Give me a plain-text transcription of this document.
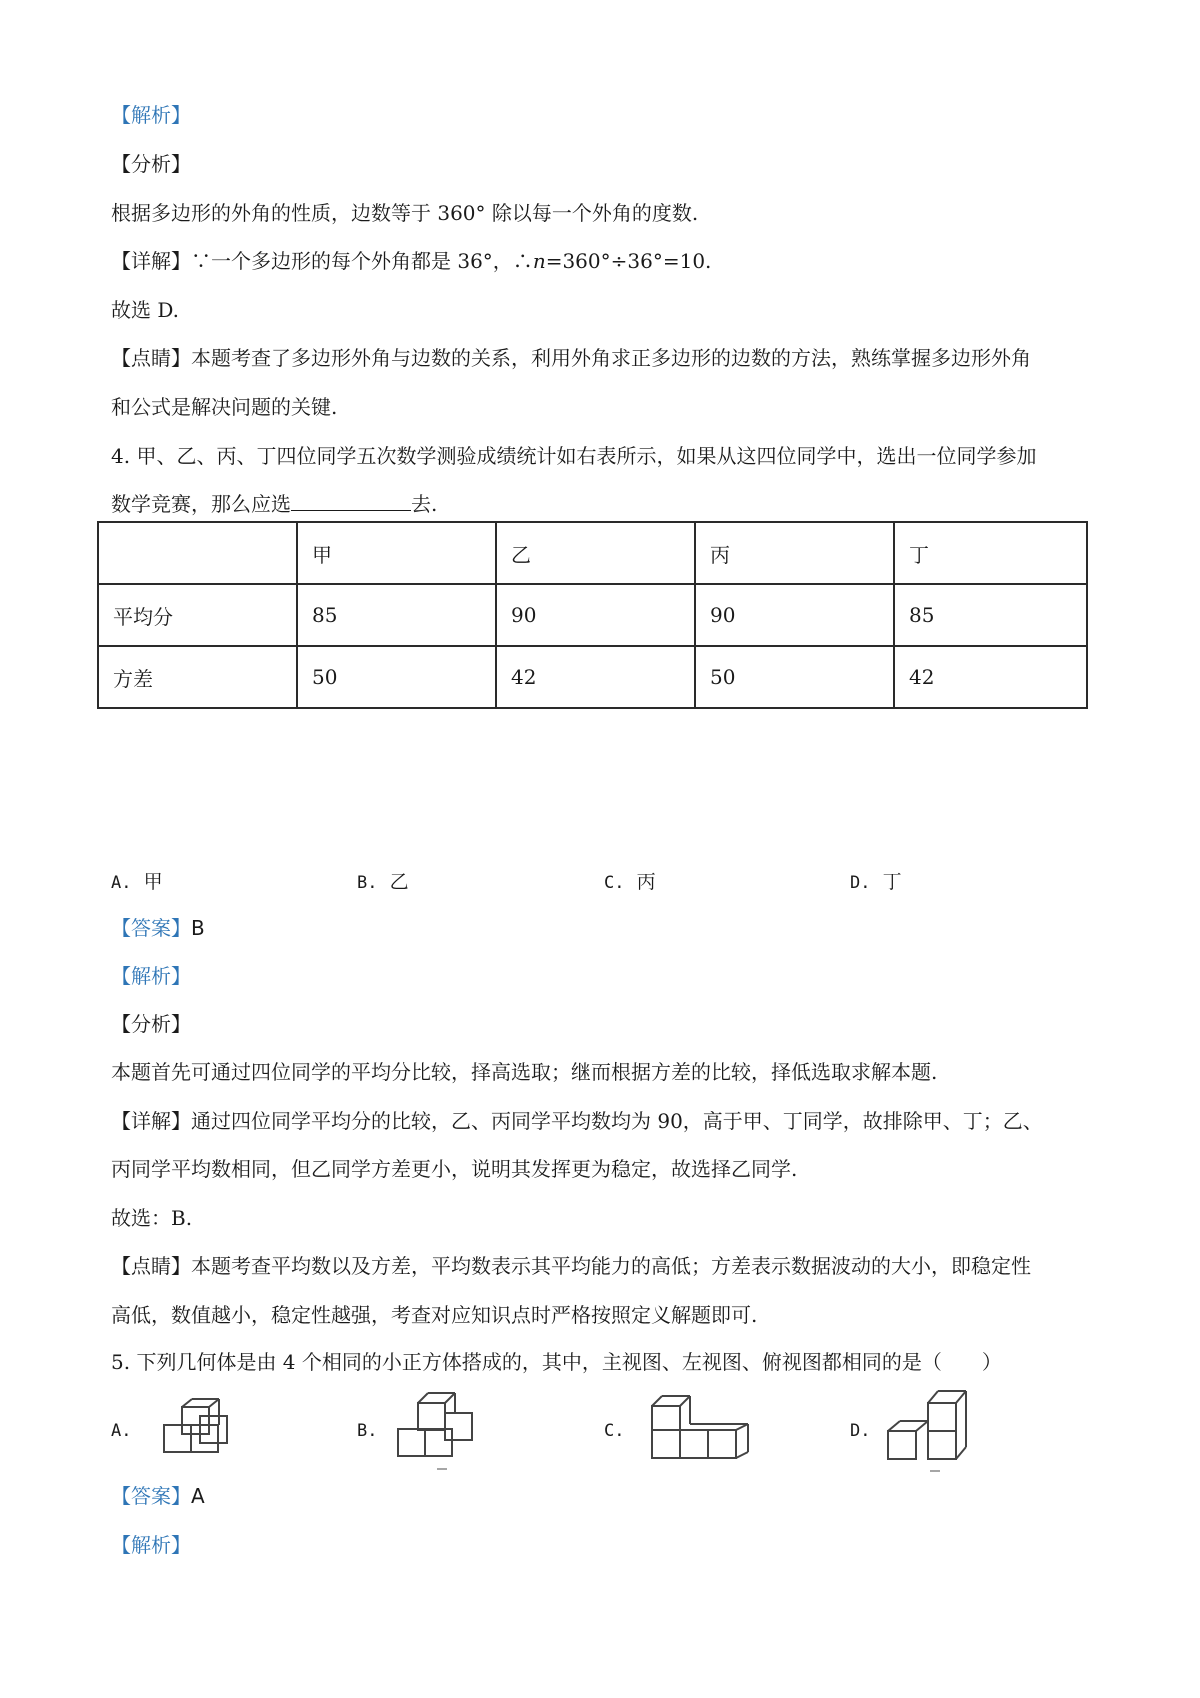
【解析】

【分析】

根据多边形的外角的性质，边数等于 360° 除以每一个外角的度数.

【详解】∵一个多边形的每个外角都是 36°，∴n=360°÷36°=10.

故选 D.

【点睛】本题考查了多边形外角与边数的关系，利用外角求正多边形的边数的方法，熟练掌握多边形外角

和公式是解决问题的关键.

4. 甲、乙、丙、丁四位同学五次数学测验成绩统计如右表所示，如果从这四位同学中，选出一位同学参加

数学竞赛，那么应选	去.

	甲	乙	丙	丁
平均分	85	90	90	85
方差	50	42	50	42
A. 甲	B. 乙	C. 丙	D. 丁

【答案】B

【解析】

【分析】

本题首先可通过四位同学的平均分比较，择高选取；继而根据方差的比较，择低选取求解本题.

【详解】通过四位同学平均分的比较，乙、丙同学平均数均为 90，高于甲、丁同学，故排除甲、丁；乙、

丙同学平均数相同，但乙同学方差更小，说明其发挥更为稳定，故选择乙同学.

故选：B.

【点睛】本题考查平均数以及方差，平均数表示其平均能力的高低；方差表示数据波动的大小，即稳定性

高低，数值越小，稳定性越强，考查对应知识点时严格按照定义解题即可.

5. 下列几何体是由 4 个相同的小正方体搭成的，其中，主视图、左视图、俯视图都相同的是（　　）

A.	B.	C.	D.

【答案】A

【解析】
